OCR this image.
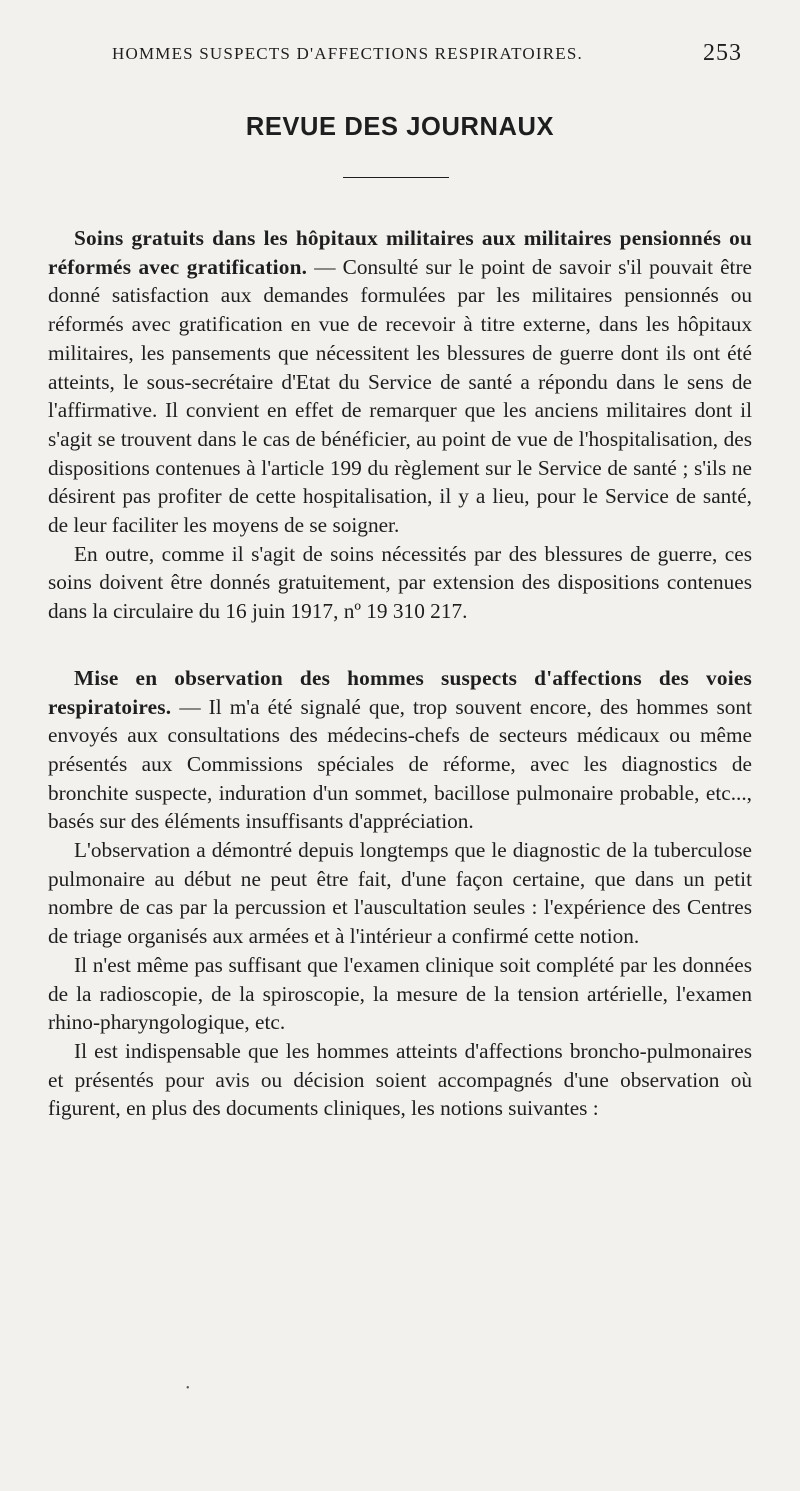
HOMMES SUSPECTS D'AFFECTIONS RESPIRATOIRES.	253
REVUE DES JOURNAUX

Soins gratuits dans les hôpitaux militaires aux militaires pensionnés ou réformés avec gratification. — Consulté sur le point de savoir s'il pouvait être donné satisfaction aux demandes formulées par les militaires pensionnés ou réformés avec gratification en vue de recevoir à titre externe, dans les hôpitaux militaires, les pansements que nécessitent les blessures de guerre dont ils ont été atteints, le sous-secrétaire d'Etat du Service de santé a répondu dans le sens de l'affirmative. Il convient en effet de remarquer que les anciens militaires dont il s'agit se trouvent dans le cas de bénéficier, au point de vue de l'hospitalisation, des dispositions contenues à l'article 199 du règlement sur le Service de santé ; s'ils ne désirent pas profiter de cette hospitalisation, il y a lieu, pour le Service de santé, de leur faciliter les moyens de se soigner.

En outre, comme il s'agit de soins nécessités par des blessures de guerre, ces soins doivent être donnés gratuitement, par extension des dispositions contenues dans la circulaire du 16 juin 1917, nº 19 310 217.

Mise en observation des hommes suspects d'affections des voies respiratoires. — Il m'a été signalé que, trop souvent encore, des hommes sont envoyés aux consultations des médecins-chefs de secteurs médicaux ou même présentés aux Commissions spéciales de réforme, avec les diagnostics de bronchite suspecte, induration d'un sommet, bacillose pulmonaire probable, etc..., basés sur des éléments insuffisants d'appréciation.

L'observation a démontré depuis longtemps que le diagnostic de la tuberculose pulmonaire au début ne peut être fait, d'une façon certaine, que dans un petit nombre de cas par la percussion et l'auscultation seules : l'expérience des Centres de triage organisés aux armées et à l'intérieur a confirmé cette notion.

Il n'est même pas suffisant que l'examen clinique soit complété par les données de la radioscopie, de la spiroscopie, la mesure de la tension artérielle, l'examen rhino-pharyngologique, etc.

Il est indispensable que les hommes atteints d'affections broncho-pulmonaires et présentés pour avis ou décision soient accompagnés d'une observation où figurent, en plus des documents cliniques, les notions suivantes :

•
